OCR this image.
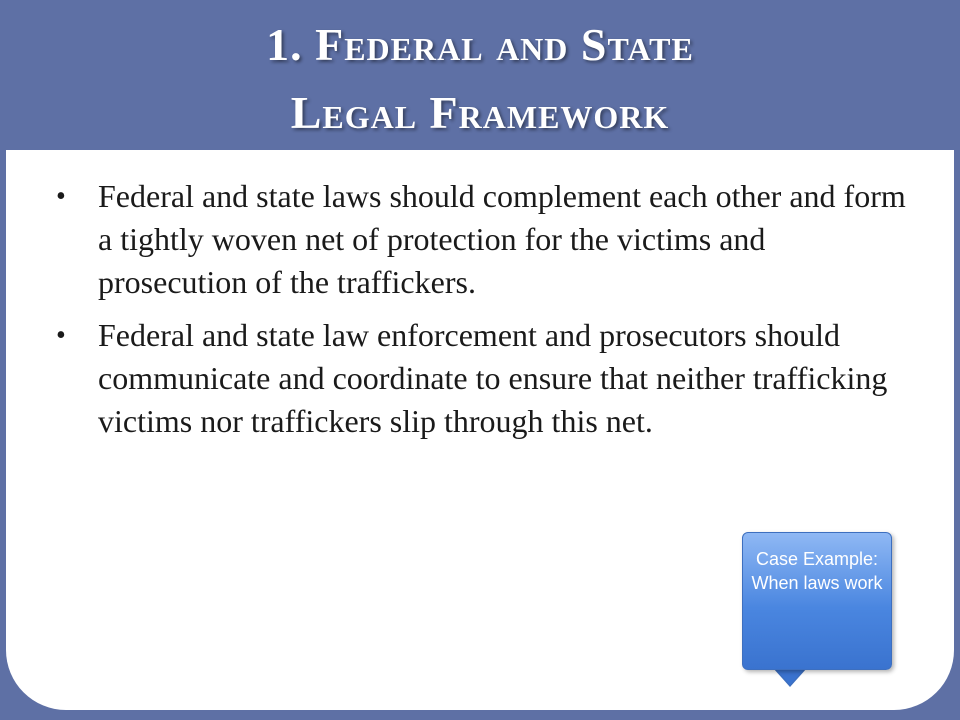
1. Federal and State
Legal Framework
• Federal and state laws should complement each other and form a tightly woven net of protection for the victims and prosecution of the traffickers.
• Federal and state law enforcement and prosecutors should communicate and coordinate to ensure that neither trafficking victims nor traffickers slip through this net.
Case Example: When laws work
